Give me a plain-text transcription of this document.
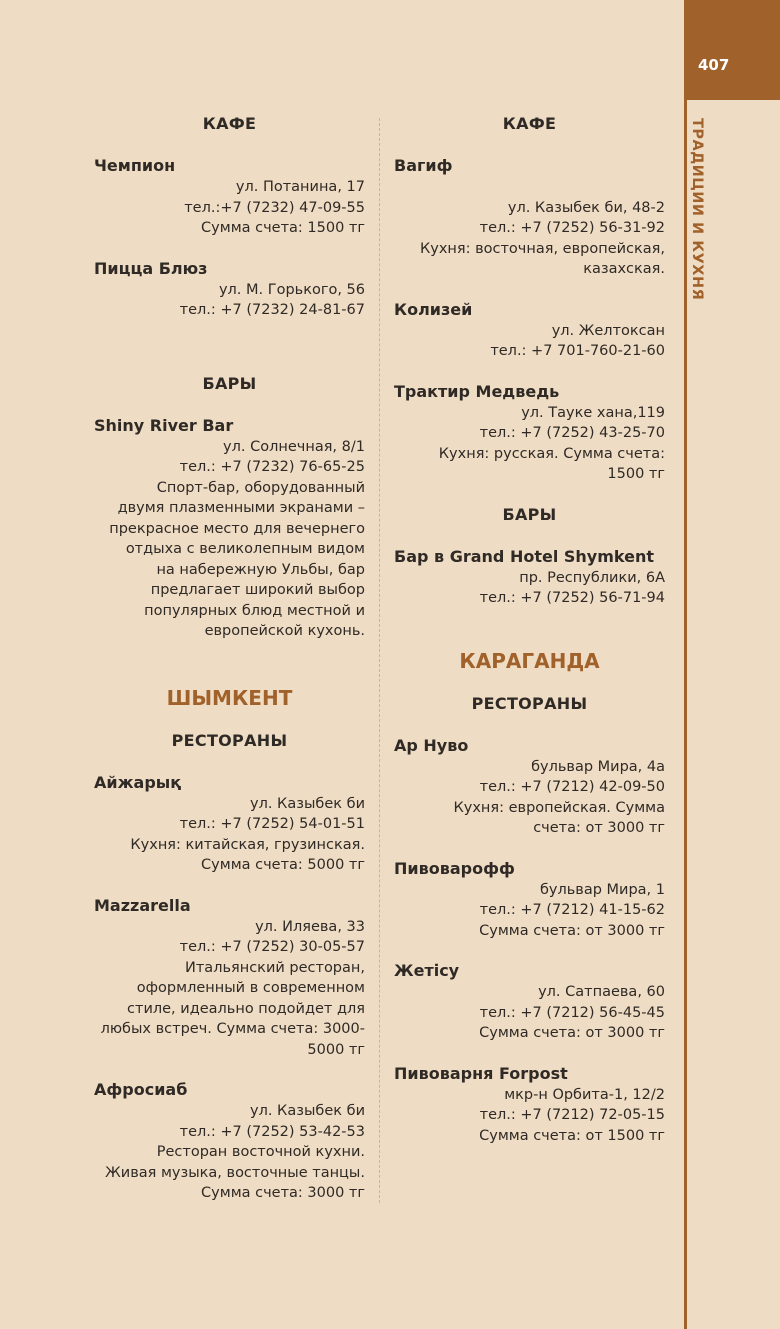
407
ТРАДИЦИИ И КУХНЯ
КАФЕ
Чемпион
ул. Потанина, 17
тел.:+7 (7232) 47-09-55
Сумма счета: 1500 тг
Пицца Блюз
ул. М. Горького, 56
тел.: +7 (7232) 24-81-67
БАРЫ
Shiny River Bar
ул. Солнечная, 8/1
тел.: +7 (7232) 76-65-25
Спорт-бар, оборудованный
двумя плазменными экранами –
прекрасное место для вечернего
отдыха с великолепным видом
на набережную Ульбы, бар
предлагает широкий выбор
популярных блюд местной и
европейской кухонь.
ШЫМКЕНТ
РЕСТОРАНЫ
Айжарық
ул. Казыбек би
тел.: +7 (7252) 54-01-51
Кухня: китайская, грузинская.
Сумма счета: 5000 тг
Mazzarella
ул. Иляева, 33
тел.: +7 (7252) 30-05-57
Итальянский ресторан,
оформленный в современном
стиле, идеально подойдет для
любых встреч. Сумма счета: 3000-
5000 тг
Афросиаб
ул. Казыбек би
тел.: +7 (7252) 53-42-53
Ресторан восточной кухни.
Живая музыка, восточные танцы.
Сумма счета: 3000 тг
КАФЕ
Вагиф

ул. Казыбек би, 48-2
тел.: +7 (7252) 56-31-92
Кухня: восточная, европейская,
казахская.
Колизей
ул. Желтоксан
тел.: +7 701-760-21-60
Трактир Медведь
ул. Тауке хана,119
тел.: +7 (7252) 43-25-70
Кухня: русская. Сумма счета:
1500 тг
БАРЫ
Бар в Grand Hotel Shymkent
пр. Республики, 6А
тел.: +7 (7252) 56-71-94
КАРАГАНДА
РЕСТОРАНЫ
Ар Нуво
бульвар Мира, 4а
тел.: +7 (7212) 42-09-50
Кухня: европейская. Сумма
счета: от 3000 тг
Пивоварофф
бульвар Мира, 1
тел.: +7 (7212) 41-15-62
Сумма счета: от 3000 тг
Жетісу
ул. Сатпаева, 60
тел.: +7 (7212) 56-45-45
Сумма счета: от 3000 тг
Пивоварня Forpost
мкр-н Орбита-1, 12/2
тел.: +7 (7212) 72-05-15
Сумма счета: от 1500 тг
